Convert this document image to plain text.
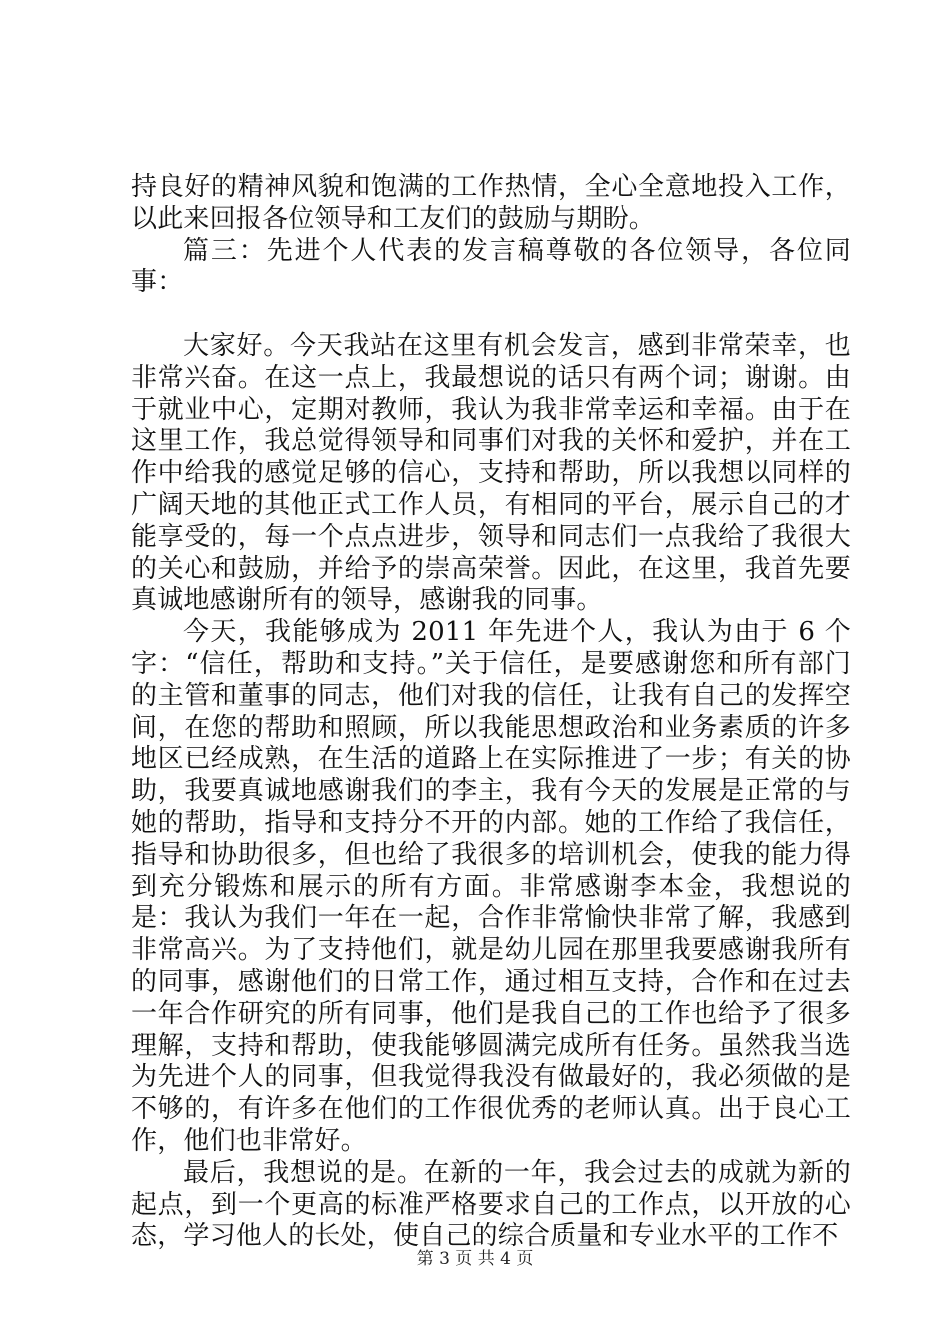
持良好的精神风貌和饱满的工作热情，全心全意地投入工作，以此来回报各位领导和工友们的鼓励与期盼。

篇三：先进个人代表的发言稿尊敬的各位领导，各位同事：

大家好。今天我站在这里有机会发言，感到非常荣幸，也非常兴奋。在这一点上，我最想说的话只有两个词；谢谢。由于就业中心，定期对教师，我认为我非常幸运和幸福。由于在这里工作，我总觉得领导和同事们对我的关怀和爱护，并在工作中给我的感觉足够的信心，支持和帮助，所以我想以同样的广阔天地的其他正式工作人员，有相同的平台，展示自己的才能享受的，每一个点点进步，领导和同志们一点我给了我很大的关心和鼓励，并给予的崇高荣誉。因此，在这里，我首先要真诚地感谢所有的领导，感谢我的同事。

今天，我能够成为 2011 年先进个人，我认为由于 6 个字：“信任，帮助和支持。”关于信任，是要感谢您和所有部门的主管和董事的同志，他们对我的信任，让我有自己的发挥空间，在您的帮助和照顾，所以我能思想政治和业务素质的许多地区已经成熟，在生活的道路上在实际推进了一步；有关的协助，我要真诚地感谢我们的李主，我有今天的发展是正常的与她的帮助，指导和支持分不开的内部。她的工作给了我信任，指导和协助很多，但也给了我很多的培训机会，使我的能力得到充分锻炼和展示的所有方面。非常感谢李本金，我想说的是：我认为我们一年在一起，合作非常愉快非常了解，我感到非常高兴。为了支持他们，就是幼儿园在那里我要感谢我所有的同事，感谢他们的日常工作，通过相互支持，合作和在过去一年合作研究的所有同事，他们是我自己的工作也给予了很多理解，支持和帮助，使我能够圆满完成所有任务。虽然我当选为先进个人的同事，但我觉得我没有做最好的，我必须做的是不够的，有许多在他们的工作很优秀的老师认真。出于良心工作，他们也非常好。

最后，我想说的是。在新的一年，我会过去的成就为新的起点，到一个更高的标准严格要求自己的工作点，以开放的心态，学习他人的长处，使自己的综合质量和专业水平的工作不

第 3 页 共 4 页
